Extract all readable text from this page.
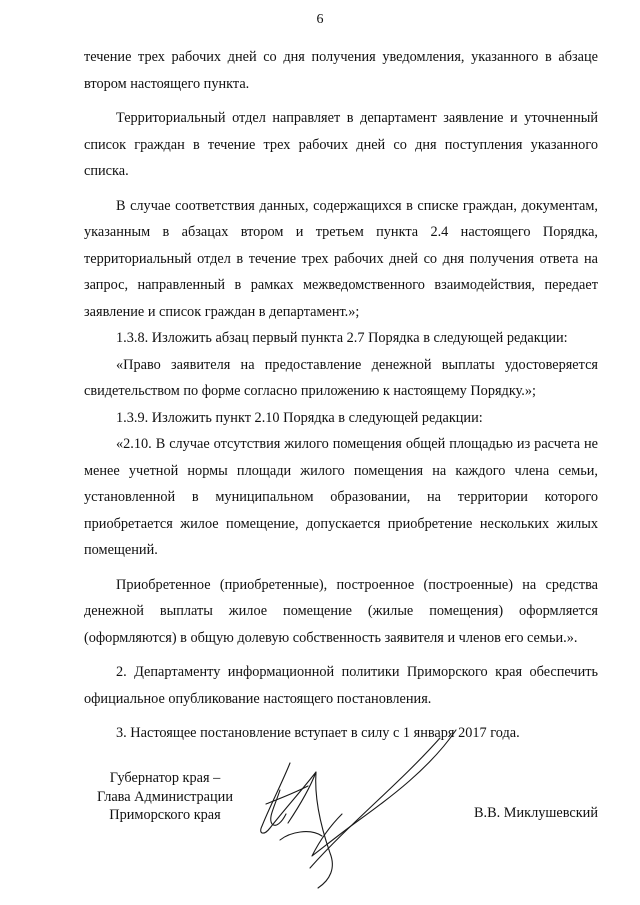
6

течение трех рабочих дней со дня получения уведомления, указанного в абзаце втором настоящего пункта.

Территориальный отдел направляет в департамент заявление и уточненный список граждан в течение трех рабочих дней со дня поступления указанного списка.

В случае соответствия данных, содержащихся в списке граждан, документам, указанным в абзацах втором и третьем пункта 2.4 настоящего Порядка, территориальный отдел в течение трех рабочих дней со дня получения ответа на запрос, направленный в рамках межведомственного взаимодействия, передает заявление и список граждан в департамент.»;

1.3.8. Изложить абзац первый пункта 2.7 Порядка в следующей редакции:

«Право заявителя на предоставление денежной выплаты удостоверяется свидетельством по форме согласно приложению к настоящему Порядку.»;

1.3.9. Изложить пункт 2.10 Порядка в следующей редакции:

«2.10. В случае отсутствия жилого помещения общей площадью из расчета не менее учетной нормы площади жилого помещения на каждого члена семьи, установленной в муниципальном образовании, на территории которого приобретается жилое помещение, допускается приобретение нескольких жилых помещений.

Приобретенное (приобретенные), построенное (построенные) на средства денежной выплаты жилое помещение (жилые помещения) оформляется (оформляются) в общую долевую собственность заявителя и членов его семьи.».

2. Департаменту информационной политики Приморского края обеспечить официальное опубликование настоящего постановления.

3. Настоящее постановление вступает в силу с 1 января 2017 года.

Губернатор края –
Глава Администрации
Приморского края	В.В. Миклушевский
